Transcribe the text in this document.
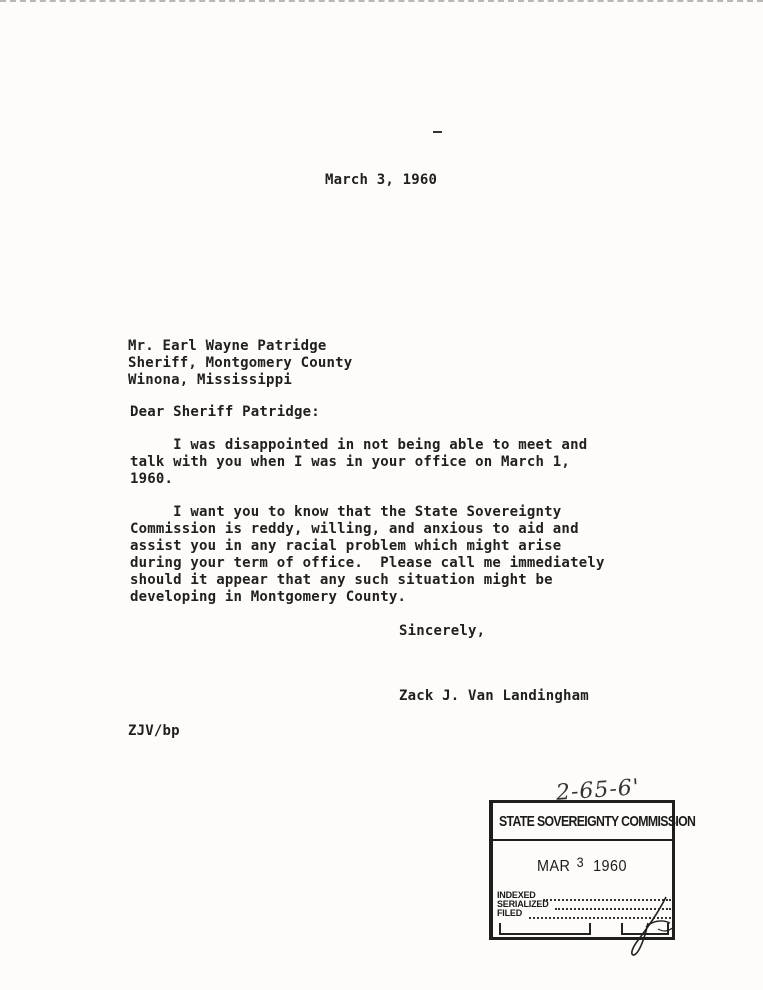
March 3, 1960
Mr. Earl Wayne Patridge
Sheriff, Montgomery County
Winona, Mississippi
Dear Sheriff Patridge:
I was disappointed in not being able to meet and
talk with you when I was in your office on March 1,
1960.
I want you to know that the State Sovereignty
Commission is reddy, willing, and anxious to aid and
assist you in any racial problem which might arise
during your term of office.  Please call me immediately
should it appear that any such situation might be
developing in Montgomery County.
Sincerely,
Zack J. Van Landingham
ZJV/bp
2-65-6'
STATE SOVEREIGNTY COMMISSION
MAR 3 1960
INDEXED
SERIALIZED
FILED
